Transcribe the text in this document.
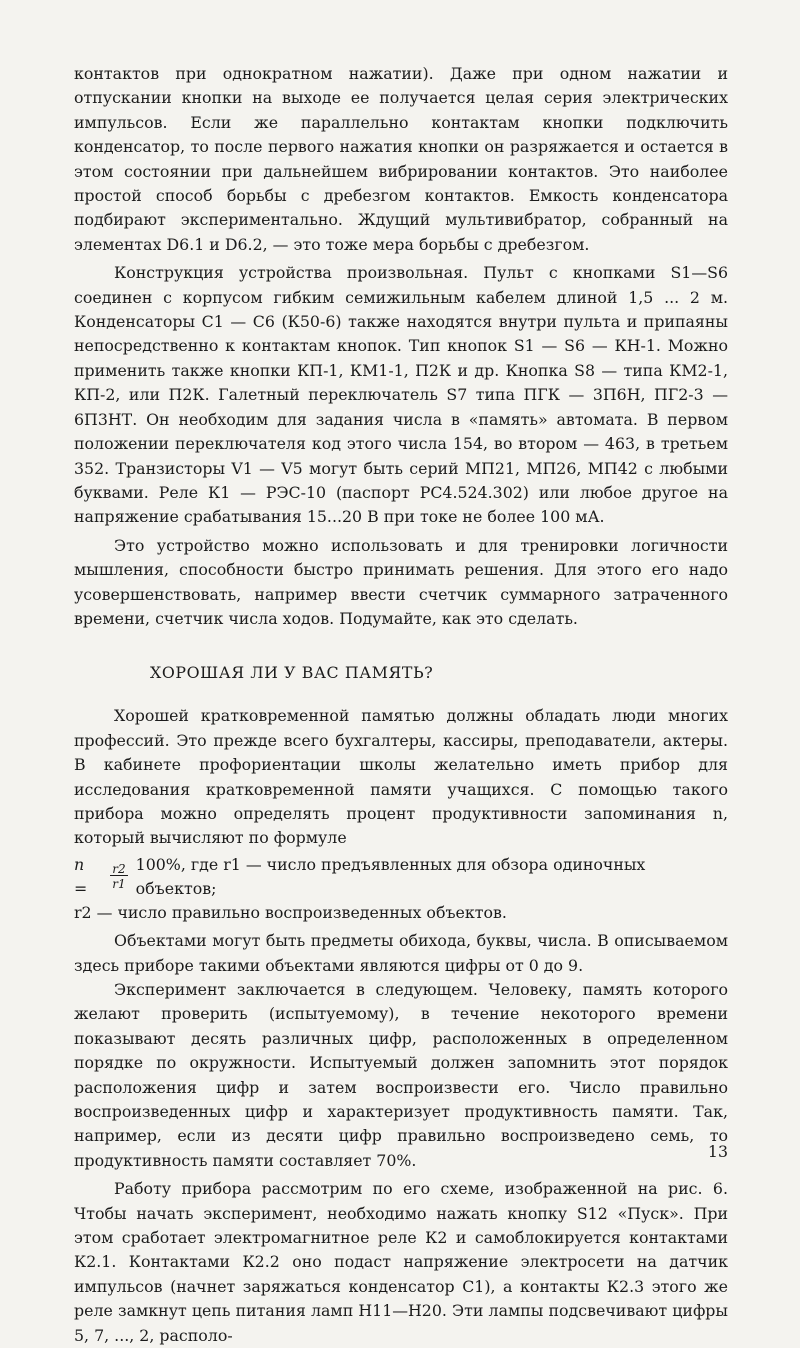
контактов при однократном нажатии). Даже при одном нажатии и отпускании кнопки на выходе ее получается целая серия электрических импульсов. Если же параллельно контактам кнопки подключить конденсатор, то после первого нажатия кнопки он разряжается и остается в этом состоянии при дальнейшем вибрировании контактов. Это наиболее простой способ борьбы с дребезгом контактов. Емкость конденсатора подбирают экспериментально. Ждущий мультивибратор, собранный на элементах D6.1 и D6.2, — это тоже мера борьбы с дребезгом.

Конструкция устройства произвольная. Пульт с кнопками S1—S6 соединен с корпусом гибким семижильным кабелем длиной 1,5 ... 2 м. Конденсаторы C1 — C6 (К50-6) также находятся внутри пульта и припаяны непосредственно к контактам кнопок. Тип кнопок S1 — S6 — КН-1. Можно применить также кнопки КП-1, КМ1-1, П2К и др. Кнопка S8 — типа КМ2-1, КП-2, или П2К. Галетный переключатель S7 типа ПГК — 3П6Н, ПГ2-3 — 6П3НТ. Он необходим для задания числа в «память» автомата. В первом положении переключателя код этого числа 154, во втором — 463, в третьем 352. Транзисторы V1 — V5 могут быть серий МП21, МП26, МП42 с любыми буквами. Реле К1 — РЭС-10 (паспорт РС4.524.302) или любое другое на напряжение срабатывания 15...20 В при токе не более 100 мА.

Это устройство можно использовать и для тренировки логичности мышления, способности быстро принимать решения. Для этого его надо усовершенствовать, например ввести счетчик суммарного затраченного времени, счетчик числа ходов. Подумайте, как это сделать.

ХОРОШАЯ ЛИ У ВАС ПАМЯТЬ?

Хорошей кратковременной памятью должны обладать люди многих профессий. Это прежде всего бухгалтеры, кассиры, преподаватели, актеры. В кабинете профориентации школы желательно иметь прибор для исследования кратковременной памяти учащихся. С помощью такого прибора можно определять процент продуктивности запоминания n, который вычисляют по формуле

n =	$\frac{r2}{r1} 100\%$, где r1 — число предъявленных для обзора одиночных объектов;

r2 — число правильно воспроизведенных объектов.

Объектами могут быть предметы обихода, буквы, числа. В описываемом здесь приборе такими объектами являются цифры от 0 до 9.

Эксперимент заключается в следующем. Человеку, память которого желают проверить (испытуемому), в течение некоторого времени показывают десять различных цифр, расположенных в определенном порядке по окружности. Испытуемый должен запомнить этот порядок расположения цифр и затем воспроизвести его. Число правильно воспроизведенных цифр и характеризует продуктивность памяти. Так, например, если из десяти цифр правильно воспроизведено семь, то продуктивность памяти составляет 70%.

Работу прибора рассмотрим по его схеме, изображенной на рис. 6. Чтобы начать эксперимент, необходимо нажать кнопку S12 «Пуск». При этом сработает электромагнитное реле К2 и самоблокируется контактами К2.1. Контактами К2.2 оно подаст напряжение электросети на датчик импульсов (начнет заряжаться конденсатор С1), а контакты К2.3 этого же реле замкнут цепь питания ламп H11—H20. Эти лампы подсвечивают цифры 5, 7, ..., 2, располо-

13
